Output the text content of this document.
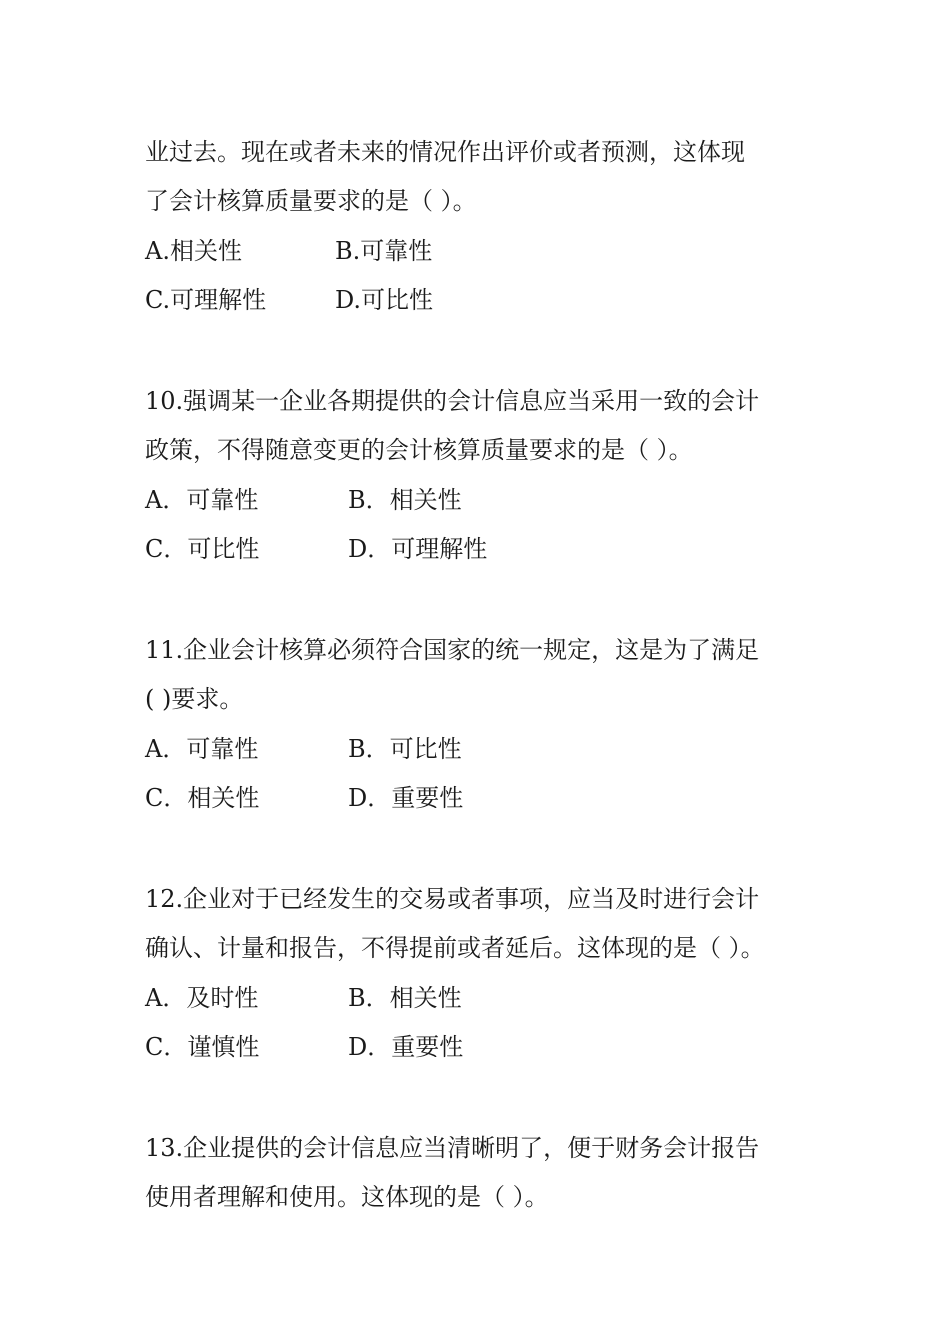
业过去。现在或者未来的情况作出评价或者预测，这体现
了会计核算质量要求的是（ ）。
A.相关性	B.可靠性
C.可理解性	D.可比性
10.强调某一企业各期提供的会计信息应当采用一致的会计
政策，不得随意变更的会计核算质量要求的是（ ）。
A．可靠性	B．相关性
C．可比性	D．可理解性
11.企业会计核算必须符合国家的统一规定，这是为了满足
( )要求。
A．可靠性	B．可比性
C．相关性	D．重要性
12.企业对于已经发生的交易或者事项，应当及时进行会计
确认、计量和报告，不得提前或者延后。这体现的是（ ）。
A．及时性	B．相关性
C．谨慎性	D．重要性
13.企业提供的会计信息应当清晰明了，便于财务会计报告
使用者理解和使用。这体现的是（ ）。
